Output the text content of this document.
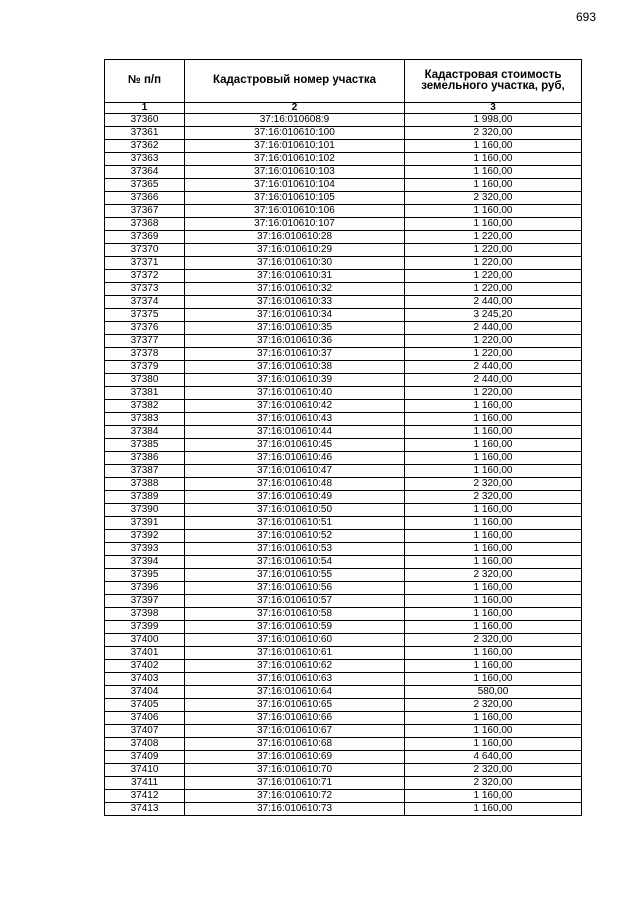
693
№ п/п	Кадастровый номер участка	Кадастровая стоимость земельного участка, руб,
1	2	3
37360	37:16:010608:9	1 998,00
37361	37:16:010610:100	2 320,00
37362	37:16:010610:101	1 160,00
37363	37:16:010610:102	1 160,00
37364	37:16:010610:103	1 160,00
37365	37:16:010610:104	1 160,00
37366	37:16:010610:105	2 320,00
37367	37:16:010610:106	1 160,00
37368	37:16:010610:107	1 160,00
37369	37:16:010610:28	1 220,00
37370	37:16:010610:29	1 220,00
37371	37:16:010610:30	1 220,00
37372	37:16:010610:31	1 220,00
37373	37:16:010610:32	1 220,00
37374	37:16:010610:33	2 440,00
37375	37:16:010610:34	3 245,20
37376	37:16:010610:35	2 440,00
37377	37:16:010610:36	1 220,00
37378	37:16:010610:37	1 220,00
37379	37:16:010610:38	2 440,00
37380	37:16:010610:39	2 440,00
37381	37:16:010610:40	1 220,00
37382	37:16:010610:42	1 160,00
37383	37:16:010610:43	1 160,00
37384	37:16:010610:44	1 160,00
37385	37:16:010610:45	1 160,00
37386	37:16:010610:46	1 160,00
37387	37:16:010610:47	1 160,00
37388	37:16:010610:48	2 320,00
37389	37:16:010610:49	2 320,00
37390	37:16:010610:50	1 160,00
37391	37:16:010610:51	1 160,00
37392	37:16:010610:52	1 160,00
37393	37:16:010610:53	1 160,00
37394	37:16:010610:54	1 160,00
37395	37:16:010610:55	2 320,00
37396	37:16:010610:56	1 160,00
37397	37:16:010610:57	1 160,00
37398	37:16:010610:58	1 160,00
37399	37:16:010610:59	1 160,00
37400	37:16:010610:60	2 320,00
37401	37:16:010610:61	1 160,00
37402	37:16:010610:62	1 160,00
37403	37:16:010610:63	1 160,00
37404	37:16:010610:64	580,00
37405	37:16:010610:65	2 320,00
37406	37:16:010610:66	1 160,00
37407	37:16:010610:67	1 160,00
37408	37:16:010610:68	1 160,00
37409	37:16:010610:69	4 640,00
37410	37:16:010610:70	2 320,00
37411	37:16:010610:71	2 320,00
37412	37:16:010610:72	1 160,00
37413	37:16:010610:73	1 160,00
